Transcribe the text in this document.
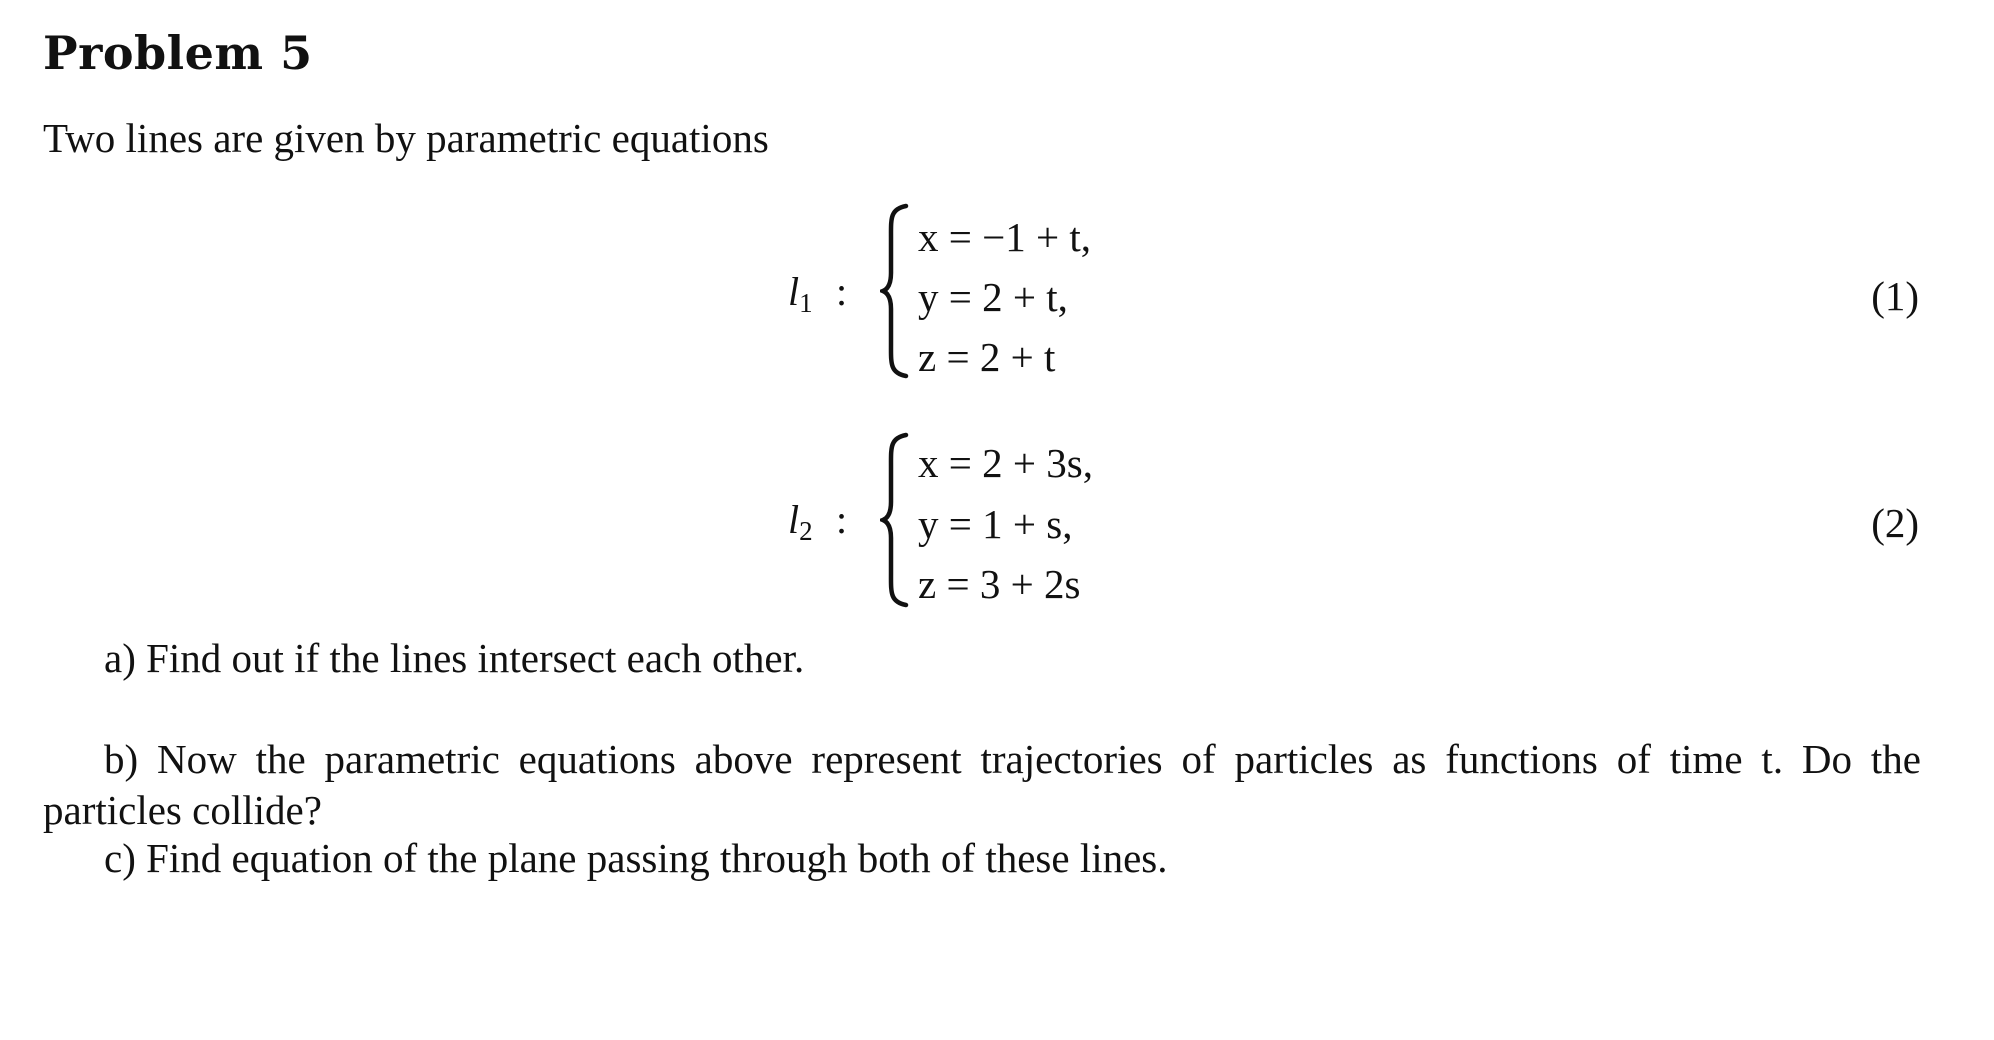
Problem 5
Two lines are given by parametric equations
$l_1$ :
x = −1 + t,
y = 2 + t,
z = 2 + t
(1)
$l_2$ :
x = 2 + 3s,
y = 1 + s,
z = 3 + 2s
(2)
a) Find out if the lines intersect each other.
b) Now the parametric equations above represent trajectories of particles as functions of time t. Do the particles collide?
c) Find equation of the plane passing through both of these lines.
